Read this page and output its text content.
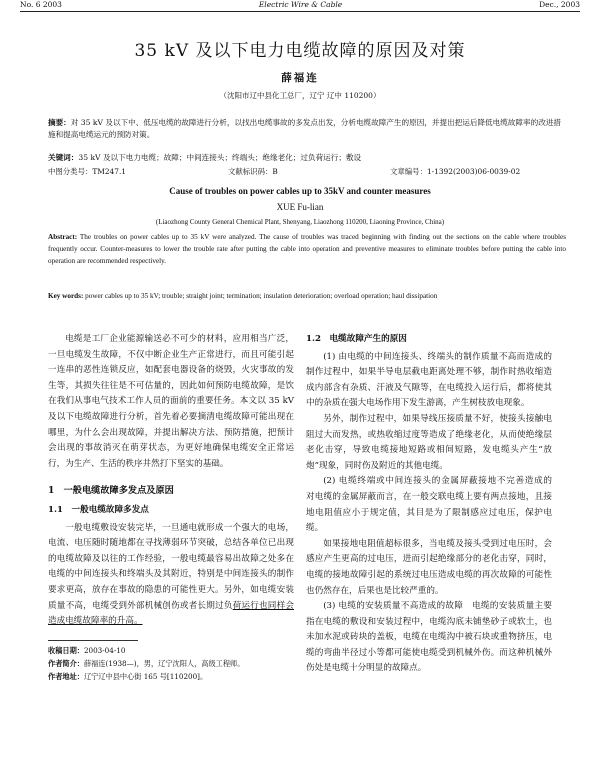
No. 6 2003	Electric Wire & Cable	Dec., 2003
35 kV 及以下电力电缆故障的原因及对策
薛福连
（沈阳市辽中县化工总厂，辽宁 辽中 110200）
摘要：对 35 kV 及以下中、低压电缆的故障进行分析，以找出电缆事故的多发点出发，分析电缆故障产生的原因，并提出把运后降低电缆故障率的改进措施和提高电缆运元的预防对策。
关键词：35 kV 及以下电力电缆；故障；中间连接头；终端头；绝缘老化；过负荷运行；敷设
中图分类号：TM247.1	文献标识码：B	文章编号：1-1392(2003)06-0039-02
Cause of troubles on power cables up to 35kV and counter measures
XUE Fu-lian
(Liaozhong County General Chemical Plant, Shenyang, Liaozhong 110200, Liaoning Province, China)
Abstract: The troubles on power cables up to 35 kV were analyzed. The cause of troubles was traced beginning with finding out the sections on the cable where troubles frequently occur. Counter-measures to lower the trouble rate after putting the cable into operation and preventive measures to eliminate troubles before putting the cable into operation are recommended respectively.
Key words: power cables up to 35 kV; trouble; straight joint; termination; insulation deterioration; overload operation; haul dissipation

电缆是工厂企业能源输送必不可少的材料，应用相当广泛，一旦电缆发生故障，不仅中断企业生产正常进行，而且可能引起一连串的恶性连锁反应，如配套电器设备的烧毁，火灾事故的发生等，其损失往往是不可估量的，因此如何预防电缆故障，是饮在我们从事电气技术工作人员的面前的重要任务。本文以 35 kV 及以下电缆故障进行分析，首先着必要摘清电缆故障可能出现在哪里，为什么会出现故障，并提出解决方法、预防措施，把预计会出现的事故消灭在萌芽状态，为更好地确保电缆安全正常运行，为生产、生活的秩序井然打下坚实的基础。

1　一般电缆故障多发点及原因
1.1　一般电缆故障多发点

一般电缆敷设安装完毕，一旦通电就形成一个强大的电场，电流、电压随时随地都在寻找薄弱环节突破，总结各单位已出现的电缆故障及以往的工作经验，一般电缆最容易出故障之处多在电缆的中间连接头和终端头及其附近，特别是中间连接头的制作要求更高，放存在事故的隐患的可能性更大。另外，如电缆安装质量不高，电缆受到外部机械创伤或者长期过负荷运行也同样会造成电缆故障率的升高。

收稿日期：2003-04-10
作者简介：薛福连(1938—)，男，辽宁沈阳人，高级工程师。
作者地址：辽宁辽中县中心街 165 号[110200]。
1.2　电缆故障产生的原因

(1) 由电缆的中间连接头、终端头的制作质量不高而造成的　制作过程中，如果半导电层截电距离处理不够，制作时热收缩造成内部含有杂质、汗液及气隙等，在电缆投入运行后，都将使其中的杂质在强大电场作用下发生游离，产生树枝放电现象。

另外，制作过程中，如果导线压接质量不好，使接头接触电阻过大而发热，或热收缩过度等造成了绝缘老化，从而使绝缘层老化击穿，导致电缆接地短路或相间短路，发电缆头产生“放炮”现象，同时伤及附近的其他电缆。

(2) 电缆终端或中间连接头的金属屏蔽接地不完善造成的　对电缆的金属屏蔽而言，在一般交联电缆上要有两点接地，且接地电阻值应小于规定值，其目是为了限制感应过电压，保护电缆。

如果接地电阻值超标很多，当电缆及接头受到过电压时，会感应产生更高的过电压，进而引起绝缘部分的老化击穿，同时，电缆的接地故障引起的系统过电压造成电缆的再次故障的可能性也仍然存在，后果也是比较严重的。

(3) 电缆的安装质量不高造成的故障　电缆的安装质量主要指在电缆的敷设和安装过程中，电缆沟底未铺垫砂子或软土，也未加水泥或砖块的盖板，电缆在电缆沟中被石块或重物挤压，电缆的弯曲半径过小等都可能使电缆受到机械外伤。而这种机械外伤处是电缆十分明显的故障点。
